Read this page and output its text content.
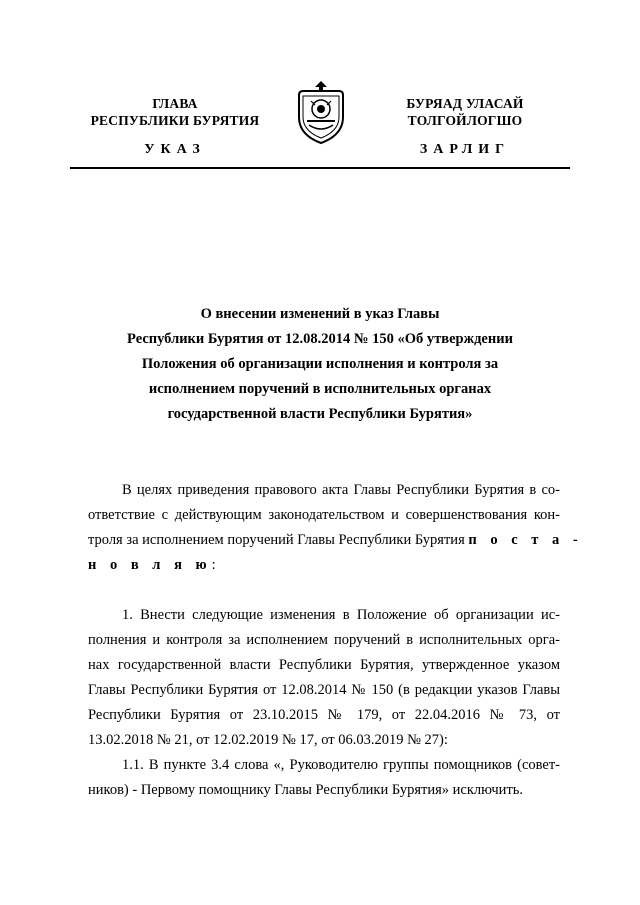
ГЛАВА
РЕСПУБЛИКИ БУРЯТИЯ
БУРЯАД УЛАСАЙ
ТОЛГОЙЛОГШО
УКАЗ	ЗАРЛИГ
О внесении изменений в указ Главы
Республики Бурятия от 12.08.2014 № 150 «Об утверждении
Положения об организации исполнения и контроля за
исполнением поручений в исполнительных органах
государственной власти Республики Бурятия»
В целях приведения правового акта Главы Республики Бурятия в со-
ответствие с действующим законодательством и совершенствования кон-
троля за исполнением поручений Главы Республики Бурятия п о с т а -
н о в л я ю:
1. Внести следующие изменения в Положение об организации ис-
полнения и контроля за исполнением поручений в исполнительных орга-
нах государственной власти Республики Бурятия, утвержденное указом
Главы Республики Бурятия от 12.08.2014 № 150 (в редакции указов Главы
Республики Бурятия от 23.10.2015 № 179, от 22.04.2016 № 73, от
13.02.2018 № 21, от 12.02.2019 № 17, от 06.03.2019 № 27):
1.1. В пункте 3.4 слова «, Руководителю группы помощников (совет-
ников) - Первому помощнику Главы Республики Бурятия» исключить.
